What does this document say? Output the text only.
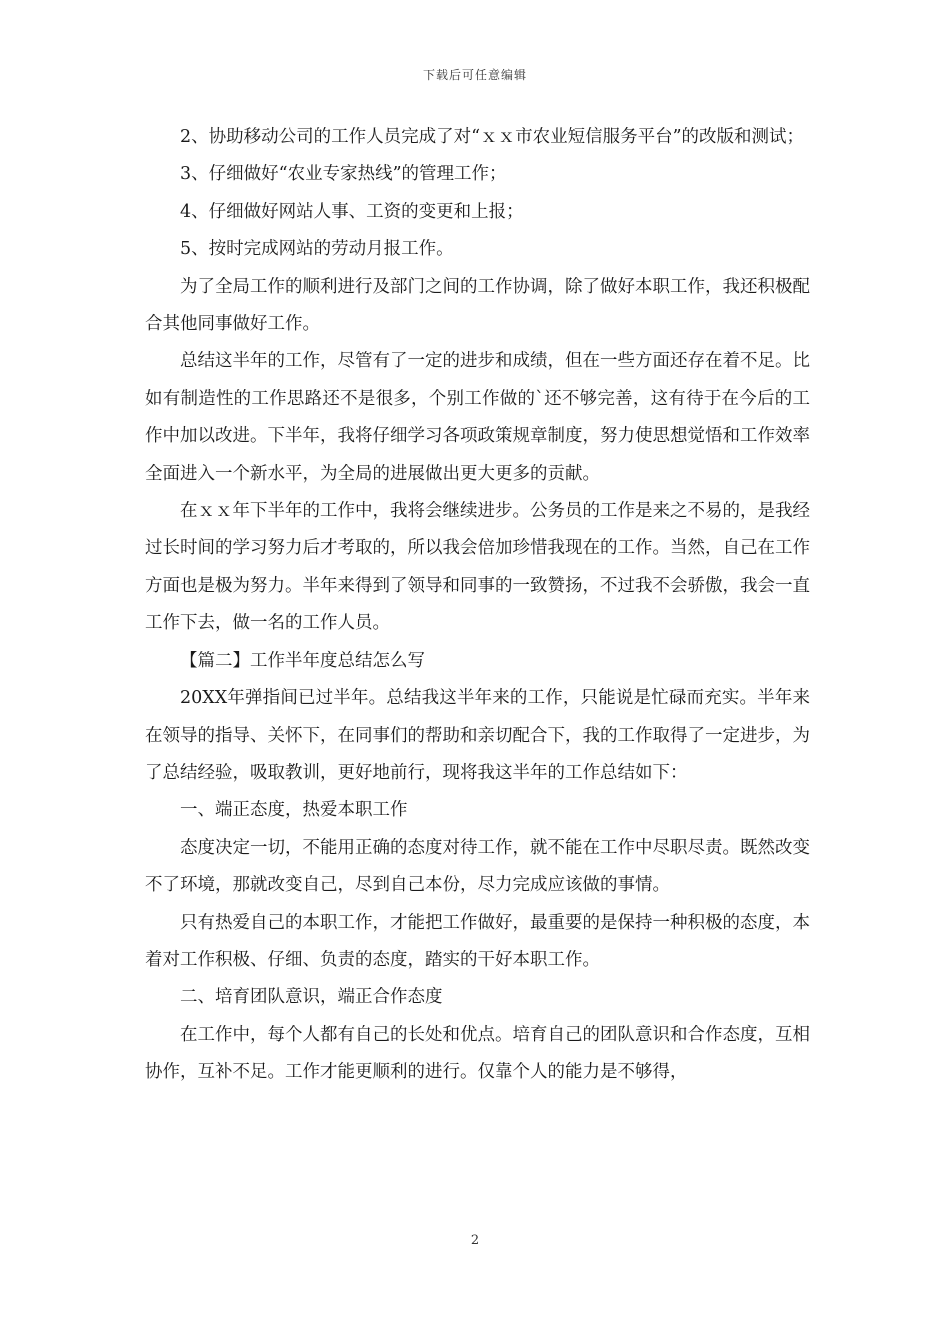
下载后可任意编辑

2、协助移动公司的工作人员完成了对“ｘｘ市农业短信服务平台”的改版和测试；

3、仔细做好“农业专家热线”的管理工作；

4、仔细做好网站人事、工资的变更和上报；

5、按时完成网站的劳动月报工作。

为了全局工作的顺利进行及部门之间的工作协调，除了做好本职工作，我还积极配合其他同事做好工作。

总结这半年的工作，尽管有了一定的进步和成绩，但在一些方面还存在着不足。比如有制造性的工作思路还不是很多，个别工作做的`还不够完善，这有待于在今后的工作中加以改进。下半年，我将仔细学习各项政策规章制度，努力使思想觉悟和工作效率全面进入一个新水平，为全局的进展做出更大更多的贡献。

在ｘｘ年下半年的工作中，我将会继续进步。公务员的工作是来之不易的，是我经过长时间的学习努力后才考取的，所以我会倍加珍惜我现在的工作。当然，自己在工作方面也是极为努力。半年来得到了领导和同事的一致赞扬，不过我不会骄傲，我会一直工作下去，做一名的工作人员。

【篇二】工作半年度总结怎么写

20XX年弹指间已过半年。总结我这半年来的工作，只能说是忙碌而充实。半年来在领导的指导、关怀下，在同事们的帮助和亲切配合下，我的工作取得了一定进步，为了总结经验，吸取教训，更好地前行，现将我这半年的工作总结如下：

一、端正态度，热爱本职工作

态度决定一切，不能用正确的态度对待工作，就不能在工作中尽职尽责。既然改变不了环境，那就改变自己，尽到自己本份，尽力完成应该做的事情。

只有热爱自己的本职工作，才能把工作做好，最重要的是保持一种积极的态度，本着对工作积极、仔细、负责的态度，踏实的干好本职工作。

二、培育团队意识，端正合作态度

在工作中，每个人都有自己的长处和优点。培育自己的团队意识和合作态度，互相协作，互补不足。工作才能更顺利的进行。仅靠个人的能力是不够得，

2
